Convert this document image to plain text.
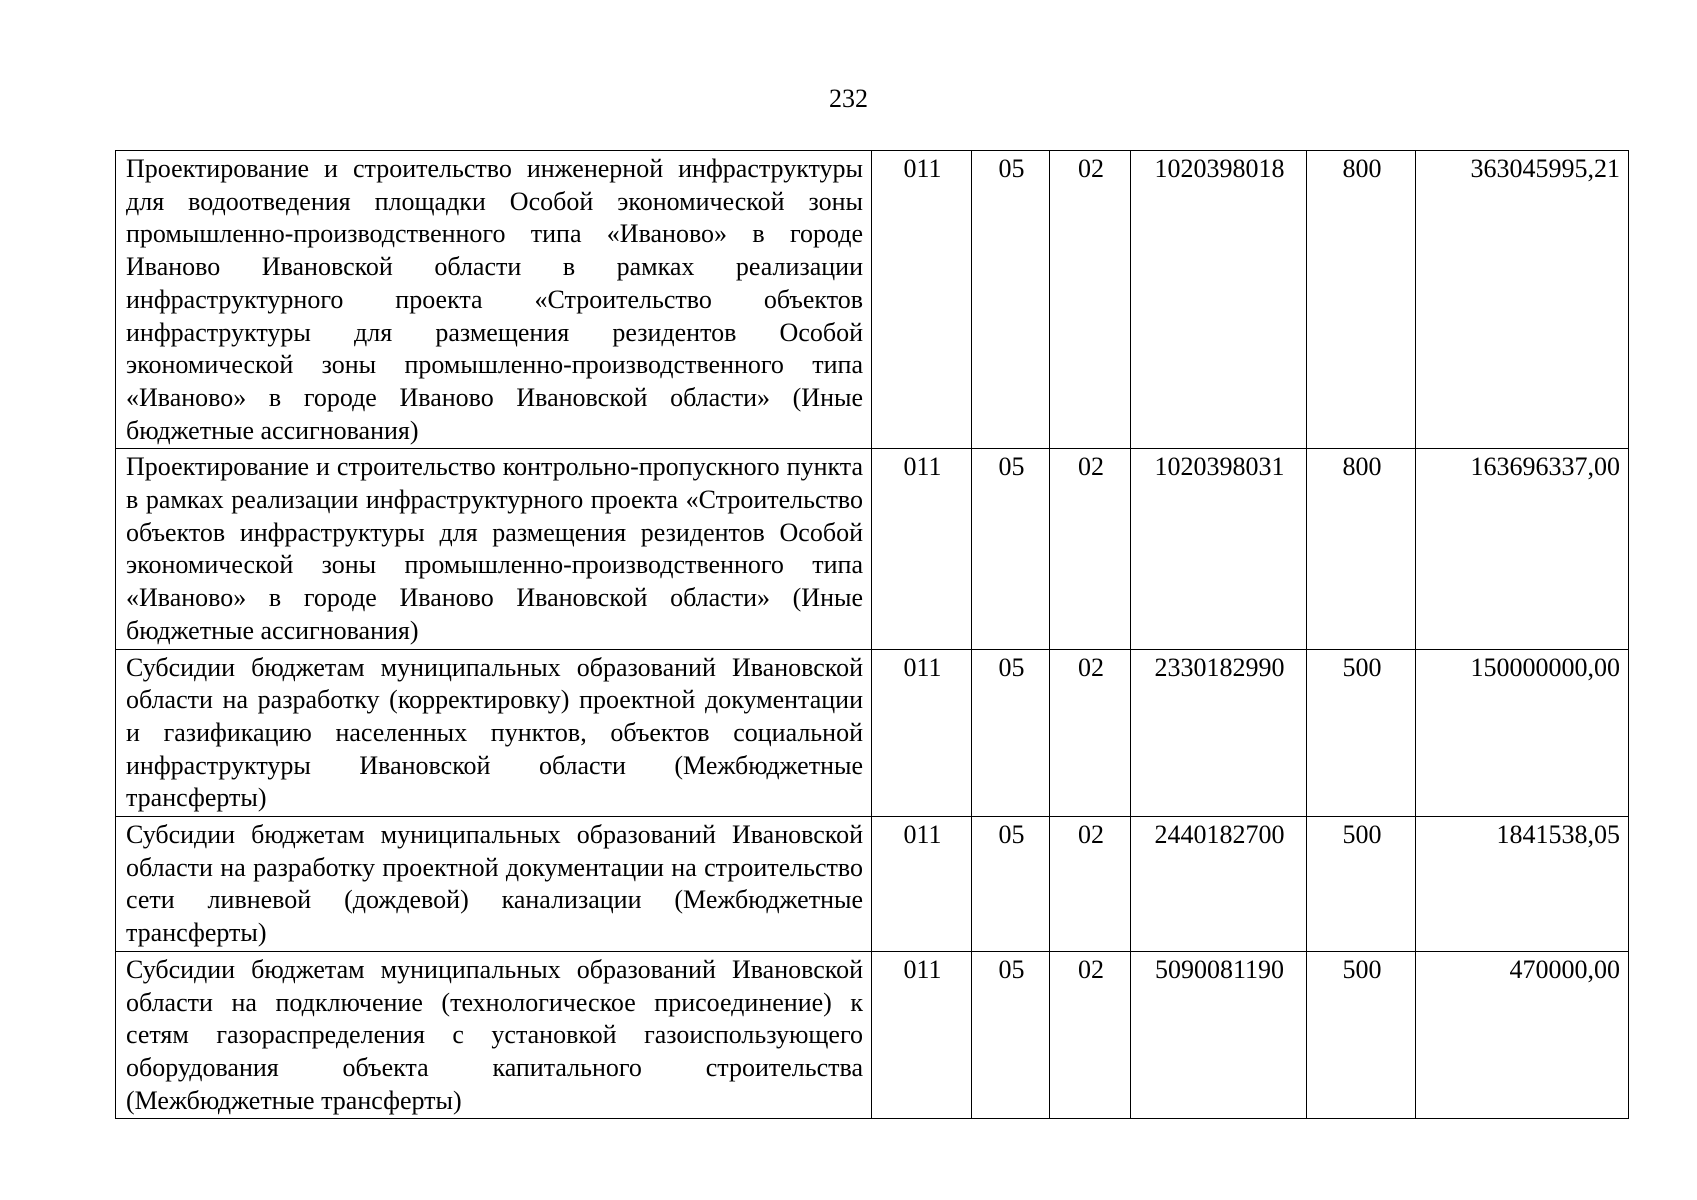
232
Проектирование и строительство инженерной инфраструктуры для водоотведения площадки Особой экономической зоны промышленно-производственного типа «Иваново» в городе Иваново Ивановской области в рамках реализации инфраструктурного проекта «Строительство объектов инфраструктуры для размещения резидентов Особой экономической зоны промышленно-производственного типа «Иваново» в городе Иваново Ивановской области» (Иные бюджетные ассигнования)	011	05	02	1020398018	800	363045995,21
Проектирование и строительство контрольно-пропускного пункта в рамках реализации инфраструктурного проекта «Строительство объектов инфраструктуры для размещения резидентов Особой экономической зоны промышленно-производственного типа «Иваново» в городе Иваново Ивановской области» (Иные бюджетные ассигнования)	011	05	02	1020398031	800	163696337,00
Субсидии бюджетам муниципальных образований Ивановской области на разработку (корректировку) проектной документации и газификацию населенных пунктов, объектов социальной инфраструктуры Ивановской области (Межбюджетные трансферты)	011	05	02	2330182990	500	150000000,00
Субсидии бюджетам муниципальных образований Ивановской области на разработку проектной документации на строительство сети ливневой (дождевой) канализации (Межбюджетные трансферты)	011	05	02	2440182700	500	1841538,05
Субсидии бюджетам муниципальных образований Ивановской области на подключение (технологическое присоединение) к сетям газораспределения с установкой газоиспользующего оборудования объекта капитального строительства (Межбюджетные трансферты)	011	05	02	5090081190	500	470000,00
